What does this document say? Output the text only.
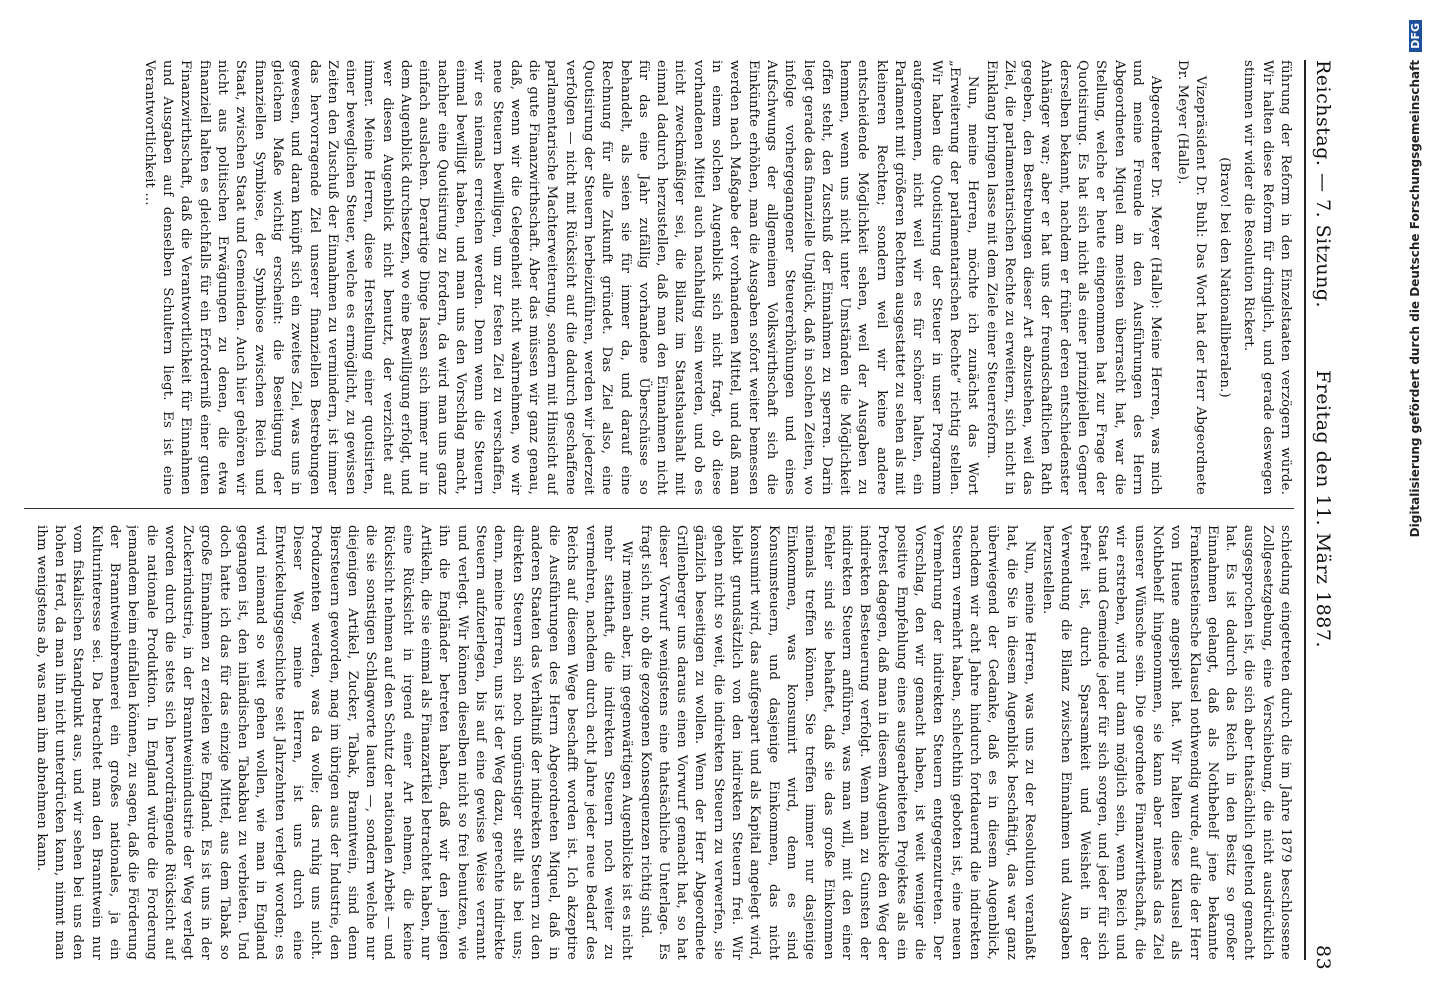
Reichstag. — 7. Sitzung.
Freitag den 11. März 1887.
83

führung der Reform in den Einzelstaaten verzögern würde. Wir halten diese Reform für dringlich, und gerade deswegen stimmen wir wider die Resolution Rickert.

(Bravo! bei den Nationalliberalen.)

Vizepräsident Dr. Buhl: Das Wort hat der Herr Abgeordnete Dr. Meyer (Halle).

Abgeordneter Dr. Meyer (Halle): Meine Herren, was mich und meine Freunde in den Ausführungen des Herrn Abgeordneten Miquel am meisten überrascht hat, war die Stellung, welche er heute eingenommen hat zur Frage der Quotisirung. Es hat sich nicht als einer prinzipiellen Gegner derselben bekannt, nachdem er früher deren entschiedenster Anhänger war; aber er hat uns der freundschaftlichen Rath gegeben, den Bestrebungen dieser Art abzustehen, weil das Ziel, die parlamentarischen Rechte zu erweitern, sich nicht in Einklang bringen lasse mit dem Ziele einer Steuerreform.

Nun, meine Herren, möchte ich zunächst das Wort „Erweiterung der parlamentarischen Rechte“ richtig stellen. Wir haben die Quotisirung der Steuer in unser Programm aufgenommen, nicht weil wir es für schöner halten, ein Parlament mit größeren Rechten ausgestattet zu sehen als mit kleineren Rechten; sondern weil wir keine andere entscheidende Möglichkeit sehen, weil der Ausgaben zu hemmen, wenn uns nicht unter Umständen die Möglichkeit offen steht, den Zuschuß der Einnahmen zu sperren. Darin liegt gerade das finanzielle Unglück, daß in solchen Zeiten, wo infolge vorhergegangener Steuererhöhungen und eines Aufschwungs der allgemeinen Volkswirthschaft sich die Einkünfte erhöhen, man die Ausgaben sofort weiter bemessen werden nach Maßgabe der vorhandenen Mittel, und daß man in einem solchen Augenblick sich nicht fragt, ob diese vorhandenen Mittel auch nachhaltig sein werden, und ob es nicht zweckmäßiger sei, die Bilanz im Staatshaushalt mit einmal dadurch herzustellen, daß man den Einnahmen nicht für das eine Jahr zufällig vorhandene Überschüsse so behandelt, als seien sie für immer da, und darauf eine Rechnung für alle Zukunft gründet. Das Ziel also, eine Quotisirung der Steuern herbeizuführen, werden wir jederzeit verfolgen — nicht mit Rücksicht auf die dadurch geschaffene parlamentarische Machterweiterung, sondern mit Hinsicht auf die gute Finanzwirthschaft. Aber das müssen wir ganz genau, daß, wenn wir die Gelegenheit nicht wahrnehmen, wo wir neue Steuern bewilligen, um zur festen Ziel zu verschaffen, wir es niemals erreichen werden. Denn wenn die Steuern einmal bewilligt haben, und man uns den Vorschlag macht, nachher eine Quotisirung zu fordern, da wird man uns ganz einfach auslachen. Derartige Dinge lassen sich immer nur in dem Augenblick durchsetzen, wo eine Bewilligung erfolgt, und wer diesen Augenblick nicht benutzt, der verzichtet auf immer. Meine Herren, diese Herstellung einer quotisirten, einer beweglichen Steuer, welche es ermöglicht, zu gewissen Zeiten den Zuschuß der Einnahmen zu vermindern, ist immer das hervorragende Ziel unserer finanziellen Bestrebungen gewesen, und daran knüpft sich ein zweites Ziel, was uns in gleichem Maße wichtig erscheint: die Beseitigung der finanziellen Symbiose, der Symbiose zwischen Reich und Staat, zwischen Staat und Gemeinden. Auch hier gehören wir nicht aus politischen Erwägungen zu denen, die etwa finanziell halten es gleichfalls für ein Erforderniß einer guten Finanzwirthschaft, daß die Verantwortlichkeit für Einnahmen und Ausgaben auf denselben Schultern liegt. Es ist eine Verantwortlichkeit ...

schiedung eingetreten durch die im Jahre 1879 beschlossene Zollgesetzgebung, eine Verschiebung, die nicht ausdrücklich ausgesprochen ist, die sich aber thatsächlich geltend gemacht hat. Es ist dadurch das Reich in den Besitz so großer Einnahmen gelangt, daß als Nothbehelf jene bekannte Frankensteinsche Klausel nothwendig wurde, auf die der Herr von Huene angespielt hat. Wir halten diese Klausel als Nothbehelf hingenommen, sie kann aber niemals das Ziel unserer Wünsche sein. Die geordnete Finanzwirthschaft, die wir erstreben, wird nur dann möglich sein, wenn Reich und Staat und Gemeinde jeder für sich sorgen, und jeder für sich befreit ist, durch Sparsamkeit und Weisheit in der Verwendung die Bilanz zwischen Einnahmen und Ausgaben herzustellen.

Nun, meine Herren, was uns zu der Resolution veranlaßt hat, die Sie in diesem Augenblick beschäftigt, das war ganz überwiegend der Gedanke, daß es in diesem Augenblick, nachdem wir acht Jahre hindurch fortdauernd die indirekten Steuern vermehrt haben, schlechthin geboten ist, eine neuen Vermehrung der indirekten Steuern entgegenzutreten. Der Vorschlag, den wir gemacht haben, ist weit weniger die positive Empfehlung eines ausgearbeiteten Projektes als ein Protest dagegen, daß man in diesem Augenblicke den Weg der indirekten Besteuerung verfolgt. Wenn man zu Gunsten der indirekten Steuern anführen, was man will, mit den einer Fehler sind sie behaftet, daß sie das große Einkommen niemals treffen können. Sie treffen immer nur dasjenige Einkommen, was konsumirt wird, denn es sind Konsumsteuern, und dasjenige Einkommen, das nicht konsumirt wird, das aufgespart und als Kapital angelegt wird, bleibt grundsätzlich von den indirekten Steuern frei. Wir gehen nicht so weit, die indirekten Steuern zu verwerfen, sie gänzlich beseitigen zu wollen. Wenn der Herr Abgeordnete Grillenberger uns daraus einen Vorwurf gemacht hat, so hat dieser Vorwurf wenigstens eine thatsächliche Unterlage. Es fragt sich nur, ob die gezogenen Konsequenzen richtig sind.

Wir meinen aber, im gegenwärtigen Augenblicke ist es nicht mehr statthaft, die indirekten Steuern noch weiter zu vermehren, nachdem durch acht Jahre jeder neue Bedarf des Reichs auf diesem Wege beschafft worden ist. Ich akzeptire die Ausführungen des Herrn Abgeordneten Miquel, daß in anderen Staaten das Verhältniß der indirekten Steuern zu den direkten Steuern sich noch ungünstiger stellt als bei uns; denn, meine Herren, uns ist der Weg dazu, gerechte indirekte Steuern aufzuerlegen, bis auf eine gewisse Weise verrannt und verlegt. Wir können dieselben nicht so frei benutzen, wie ihn die Engländer betreten haben, daß wir den jenigen Artikeln, die sie einmal als Finanzartikel betrachtet haben, nur eine Rücksicht in irgend einer Art nehmen, die keine Rücksicht nehmen auf den Schutz der nationalen Arbeit — und die sie sonstigen Schlagworte lauten —, sondern welche nur diejenigen Artikel, Zucker, Tabak, Branntwein, sind denn Biersteuern geworden, mag im übrigen aus der Industrie, den Produzenten werden, was da wolle; das ruhig uns nicht. Dieser Weg, meine Herren, ist uns durch eine Entwickelungsgeschichte seit Jahrzehnten verlegt worden; es wird niemand so weit gehen wollen, wie man in England gegangen ist, den inländischen Tabakbau zu verbieten. Und doch hatte ich das für das einzige Mittel, aus dem Tabak so große Einnahmen zu erzielen wie England. Es ist uns in der Zuckerindustrie, in der Branntweinindustrie der Weg verlegt worden durch die stets sich hervordrängende Rücksicht auf die nationale Produktion. In England würde die Forderung jemandem beim einfallen können, zu sagen, daß die Förderung der Branntweinbrennerei ein großes nationales, ja ein Kulturinteresse sei. Da betrachtet man den Branntwein nur vom fiskalischen Standpunkt aus, und wir sehen bei uns den hohen Herd, da man ihn nicht unterdrücken kann, nimmt man ihm wenigstens ab, was man ihm abnehmen kann.

Digitalisierung gefördert durch die Deutsche Forschungsgemeinschaft DFG
